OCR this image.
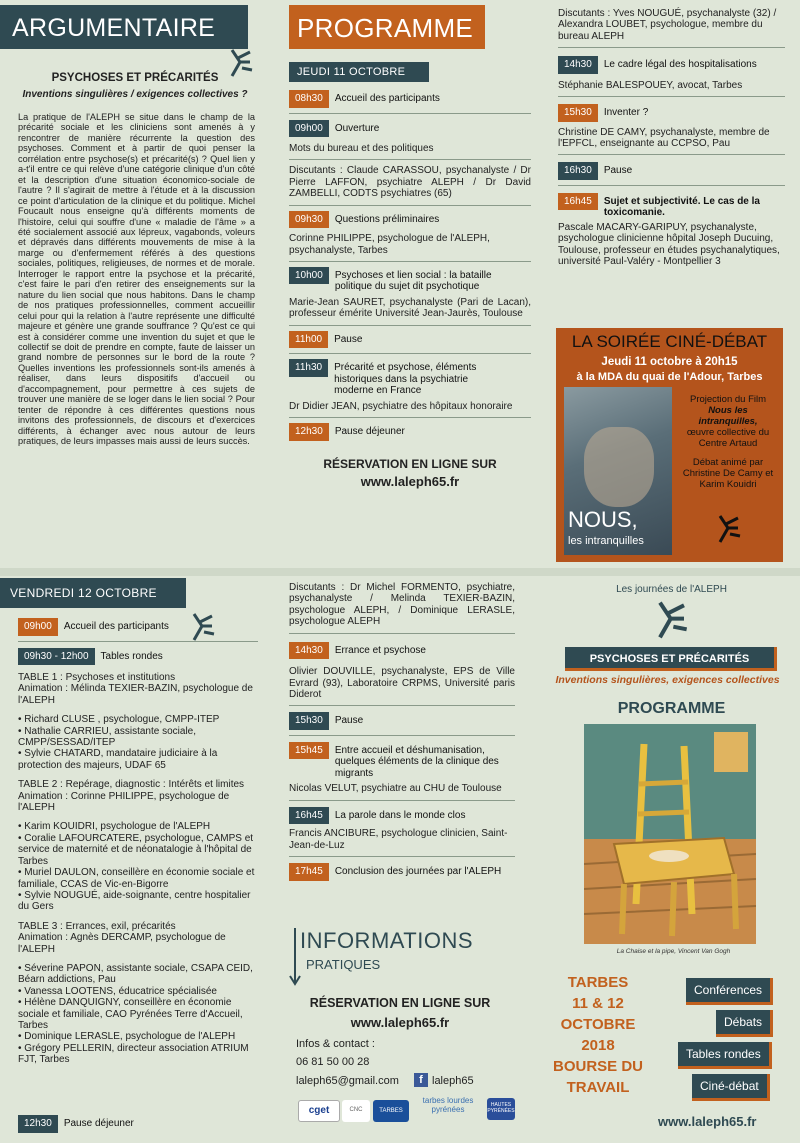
ARGUMENTAIRE
PSYCHOSES ET PRÉCARITÉS
Inventions singulières / exigences collectives ?
La pratique de l'ALEPH se situe dans le champ de la précarité sociale et les cliniciens sont amenés à y rencontrer de manière récurrente la question des psychoses. Comment et à partir de quoi penser la corrélation entre psychose(s) et précarité(s) ? Quel lien y a-t'il entre ce qui relève d'une catégorie clinique d'un côté et la description d'une situation économico-sociale de l'autre ? Il s'agirait de mettre à l'étude et à la discussion ce point d'articulation de la clinique et du politique. Michel Foucault nous enseigne qu'à différents moments de l'histoire, celui qui souffre d'une « maladie de l'âme » a été socialement associé aux lépreux, vagabonds, voleurs et dépravés dans différents mouvements de mise à la marge ou d'enfermement référés à des questions sociales, politiques, religieuses, de normes et de morale. Interroger le rapport entre la psychose et la précarité, c'est faire le pari d'en retirer des enseignements sur la nature du lien social que nous habitons. Dans le champ de nos pratiques professionnelles, comment accueillir celui pour qui la relation à l'autre représente une difficulté majeure et génère une grande souffrance ? Qu'est ce qui est à considérer comme une invention du sujet et que le collectif se doit de prendre en compte, faute de laisser un grand nombre de personnes sur le bord de la route ? Quelles inventions les professionnels sont-ils amenés à réaliser, dans leurs dispositifs d'accueil ou d'accompagnement, pour permettre à ces sujets de trouver une manière de se loger dans le lien social ? Pour tenter de répondre à ces différentes questions nous invitons des professionnels, de discours et d'exercices différents, à échanger avec nous autour de leurs pratiques, de leurs impasses mais aussi de leurs succès.
PROGRAMME
JEUDI 11 OCTOBRE
08h30	Accueil des participants
09h00	Ouverture
Mots du bureau et des politiques
Discutants : Claude CARASSOU, psychanalyste / Dr Pierre LAFFON, psychiatre ALEPH / Dr David ZAMBELLI, CODTS psychiatres (65)
09h30	Questions préliminaires
Corinne PHILIPPE, psychologue de l'ALEPH, psychanalyste, Tarbes
10h00	Psychoses et lien social : la bataille politique du sujet dit psychotique
Marie-Jean SAURET, psychanalyste (Pari de Lacan), professeur émérite Université Jean-Jaurès, Toulouse
11h00	Pause
11h30	Précarité et psychose, éléments historiques dans la psychiatrie moderne en France
Dr Didier JEAN, psychiatre des hôpitaux honoraire
12h30	Pause déjeuner
RÉSERVATION EN LIGNE SUR
www.laleph65.fr
Discutants : Yves NOUGUÉ, psychanalyste (32) / Alexandra LOUBET, psychologue, membre du bureau ALEPH
14h30	Le cadre légal des hospitalisations
Stéphanie BALESPOUEY, avocat, Tarbes
15h30	Inventer ?
Christine DE CAMY, psychanalyste, membre de l'EPFCL, enseignante au CCPSO, Pau
16h30	Pause
16h45	Sujet et subjectivité. Le cas de la toxicomanie.
Pascale MACARY-GARIPUY, psychanalyste, psychologue clinicienne hôpital Joseph Ducuing, Toulouse, professeur en études psychanalytiques, université Paul-Valéry - Montpellier 3
LA SOIRÉE CINÉ-DÉBAT
Jeudi 11 octobre à 20h15
à la MDA du quai de l'Adour, Tarbes
NOUS,
les intranquilles
Projection du Film
Nous les intranquilles,
œuvre collective du Centre Artaud
Débat animé par Christine De Camy et Karim Kouidri
VENDREDI 12 OCTOBRE
09h00	Accueil des participants
09h30 - 12h00	Tables rondes
TABLE 1 : Psychoses et institutions
Animation : Mélinda TEXIER-BAZIN, psychologue de l'ALEPH
• Richard CLUSE , psychologue, CMPP-ITEP
• Nathalie CARRIEU, assistante sociale, CMPP/SESSAD/ITEP
• Sylvie CHATARD, mandataire judiciaire à la protection des majeurs, UDAF 65
TABLE 2 : Repérage, diagnostic : Intérêts et limites
Animation : Corinne PHILIPPE, psychologue de l'ALEPH
• Karim KOUIDRI, psychologue de l'ALEPH
• Coralie LAFOURCATERE, psychologue, CAMPS et service de maternité et de néonatalogie à l'hôpital de Tarbes
• Muriel DAULON, conseillère en économie sociale et familiale, CCAS de Vic-en-Bigorre
• Sylvie NOUGUÉ, aide-soignante, centre hospitalier du Gers
TABLE 3 : Errances, exil, précarités
Animation : Agnès DERCAMP, psychologue de l'ALEPH
• Séverine PAPON, assistante sociale, CSAPA CEID, Béarn addictions, Pau
• Vanessa LOOTENS, éducatrice spécialisée
• Hélène DANQUIGNY, conseillère en économie sociale et familiale, CAO Pyrénées Terre d'Accueil, Tarbes
• Dominique LERASLE, psychologue de l'ALEPH
• Grégory PELLERIN, directeur association ATRIUM FJT, Tarbes
12h30	Pause déjeuner
Discutants : Dr Michel FORMENTO, psychiatre, psychanalyste / Melinda TEXIER-BAZIN, psychologue ALEPH, / Dominique LERASLE, psychologue ALEPH
14h30	Errance et psychose
Olivier DOUVILLE, psychanalyste, EPS de Ville Evrard (93), Laboratoire CRPMS, Université paris Diderot
15h30	Pause
15h45	Entre accueil et déshumanisation, quelques éléments de la clinique des migrants
Nicolas VELUT, psychiatre au CHU de Toulouse
16h45	La parole dans le monde clos
Francis ANCIBURE, psychologue clinicien, Saint-Jean-de-Luz
17h45	Conclusion des journées par l'ALEPH
INFORMATIONS
PRATIQUES
RÉSERVATION EN LIGNE SUR
www.laleph65.fr
Infos & contact :
06 81 50 00 28
laleph65@gmail.com	f laleph65
cget	CNC	TARBES
tarbes lourdes pyrénées	HAUTES PYRÉNÉES
Les journées de l'ALEPH
PSYCHOSES ET PRÉCARITÉS
Inventions singulières, exigences collectives
PROGRAMME
La Chaise et la pipe, Vincent Van Gogh
TARBES
11 & 12
OCTOBRE
2018
BOURSE DU
TRAVAIL
Conférences
Débats
Tables rondes
Ciné-débat
www.laleph65.fr
